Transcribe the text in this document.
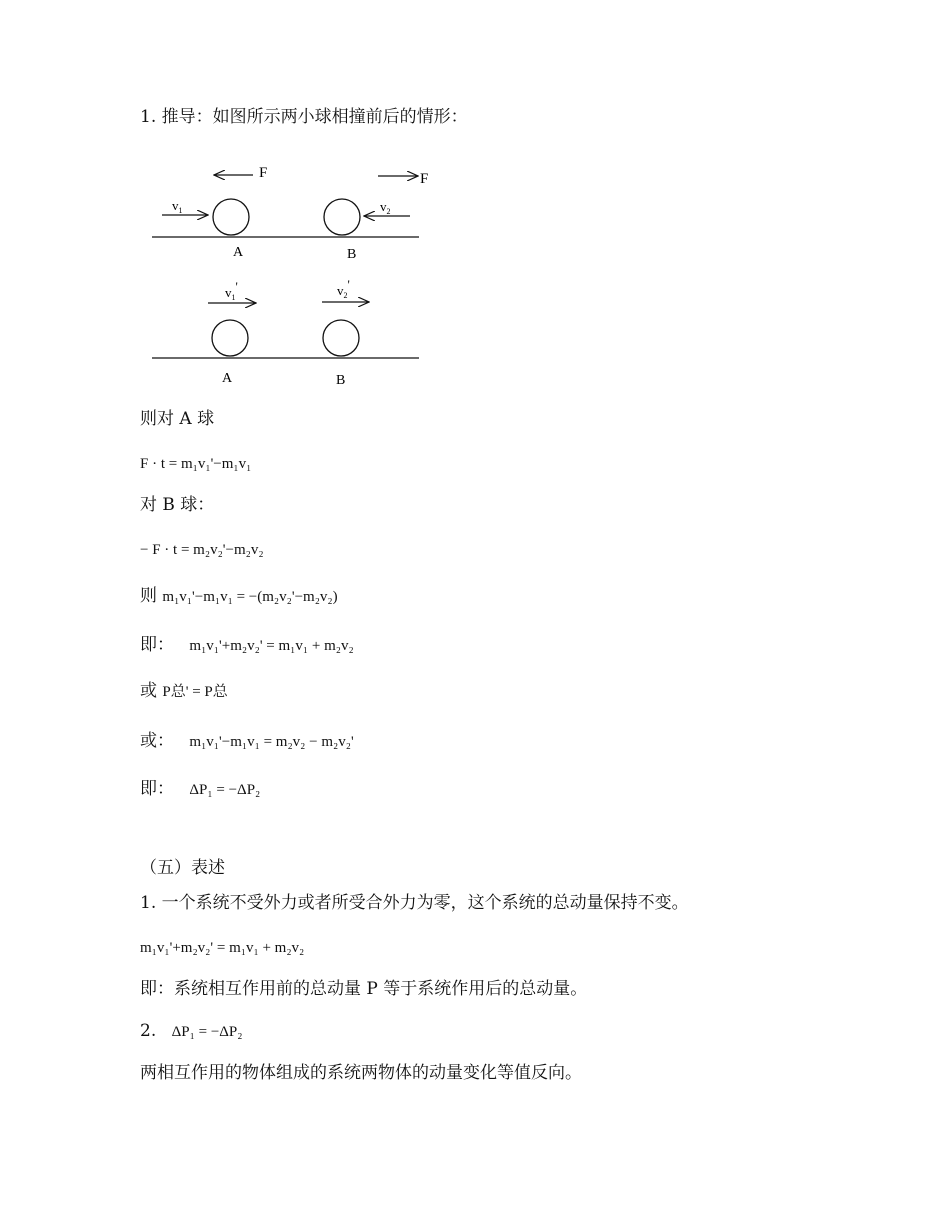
1. 推导：如图所示两小球相撞前后的情形：
F	F
$v_1$	$v_2$
A	B
$v_1'$	$v_2'$
A	B
则对 A 球
F · t = m₁v₁'−m₁v₁
对 B 球：
− F · t = m₂v₂'−m₂v₂
则 m₁v₁'−m₁v₁ = −(m₂v₂'−m₂v₂)
即： m₁v₁'+m₂v₂' = m₁v₁ + m₂v₂
或 P总' = P总
或： m₁v₁'−m₁v₁ = m₂v₂ − m₂v₂'
即： ΔP₁ = −ΔP₂
（五）表述
1. 一个系统不受外力或者所受合外力为零，这个系统的总动量保持不变。
m₁v₁'+m₂v₂' = m₁v₁ + m₂v₂
即：系统相互作用前的总动量 P 等于系统作用后的总动量。
2. ΔP₁ = −ΔP₂
两相互作用的物体组成的系统两物体的动量变化等值反向。
